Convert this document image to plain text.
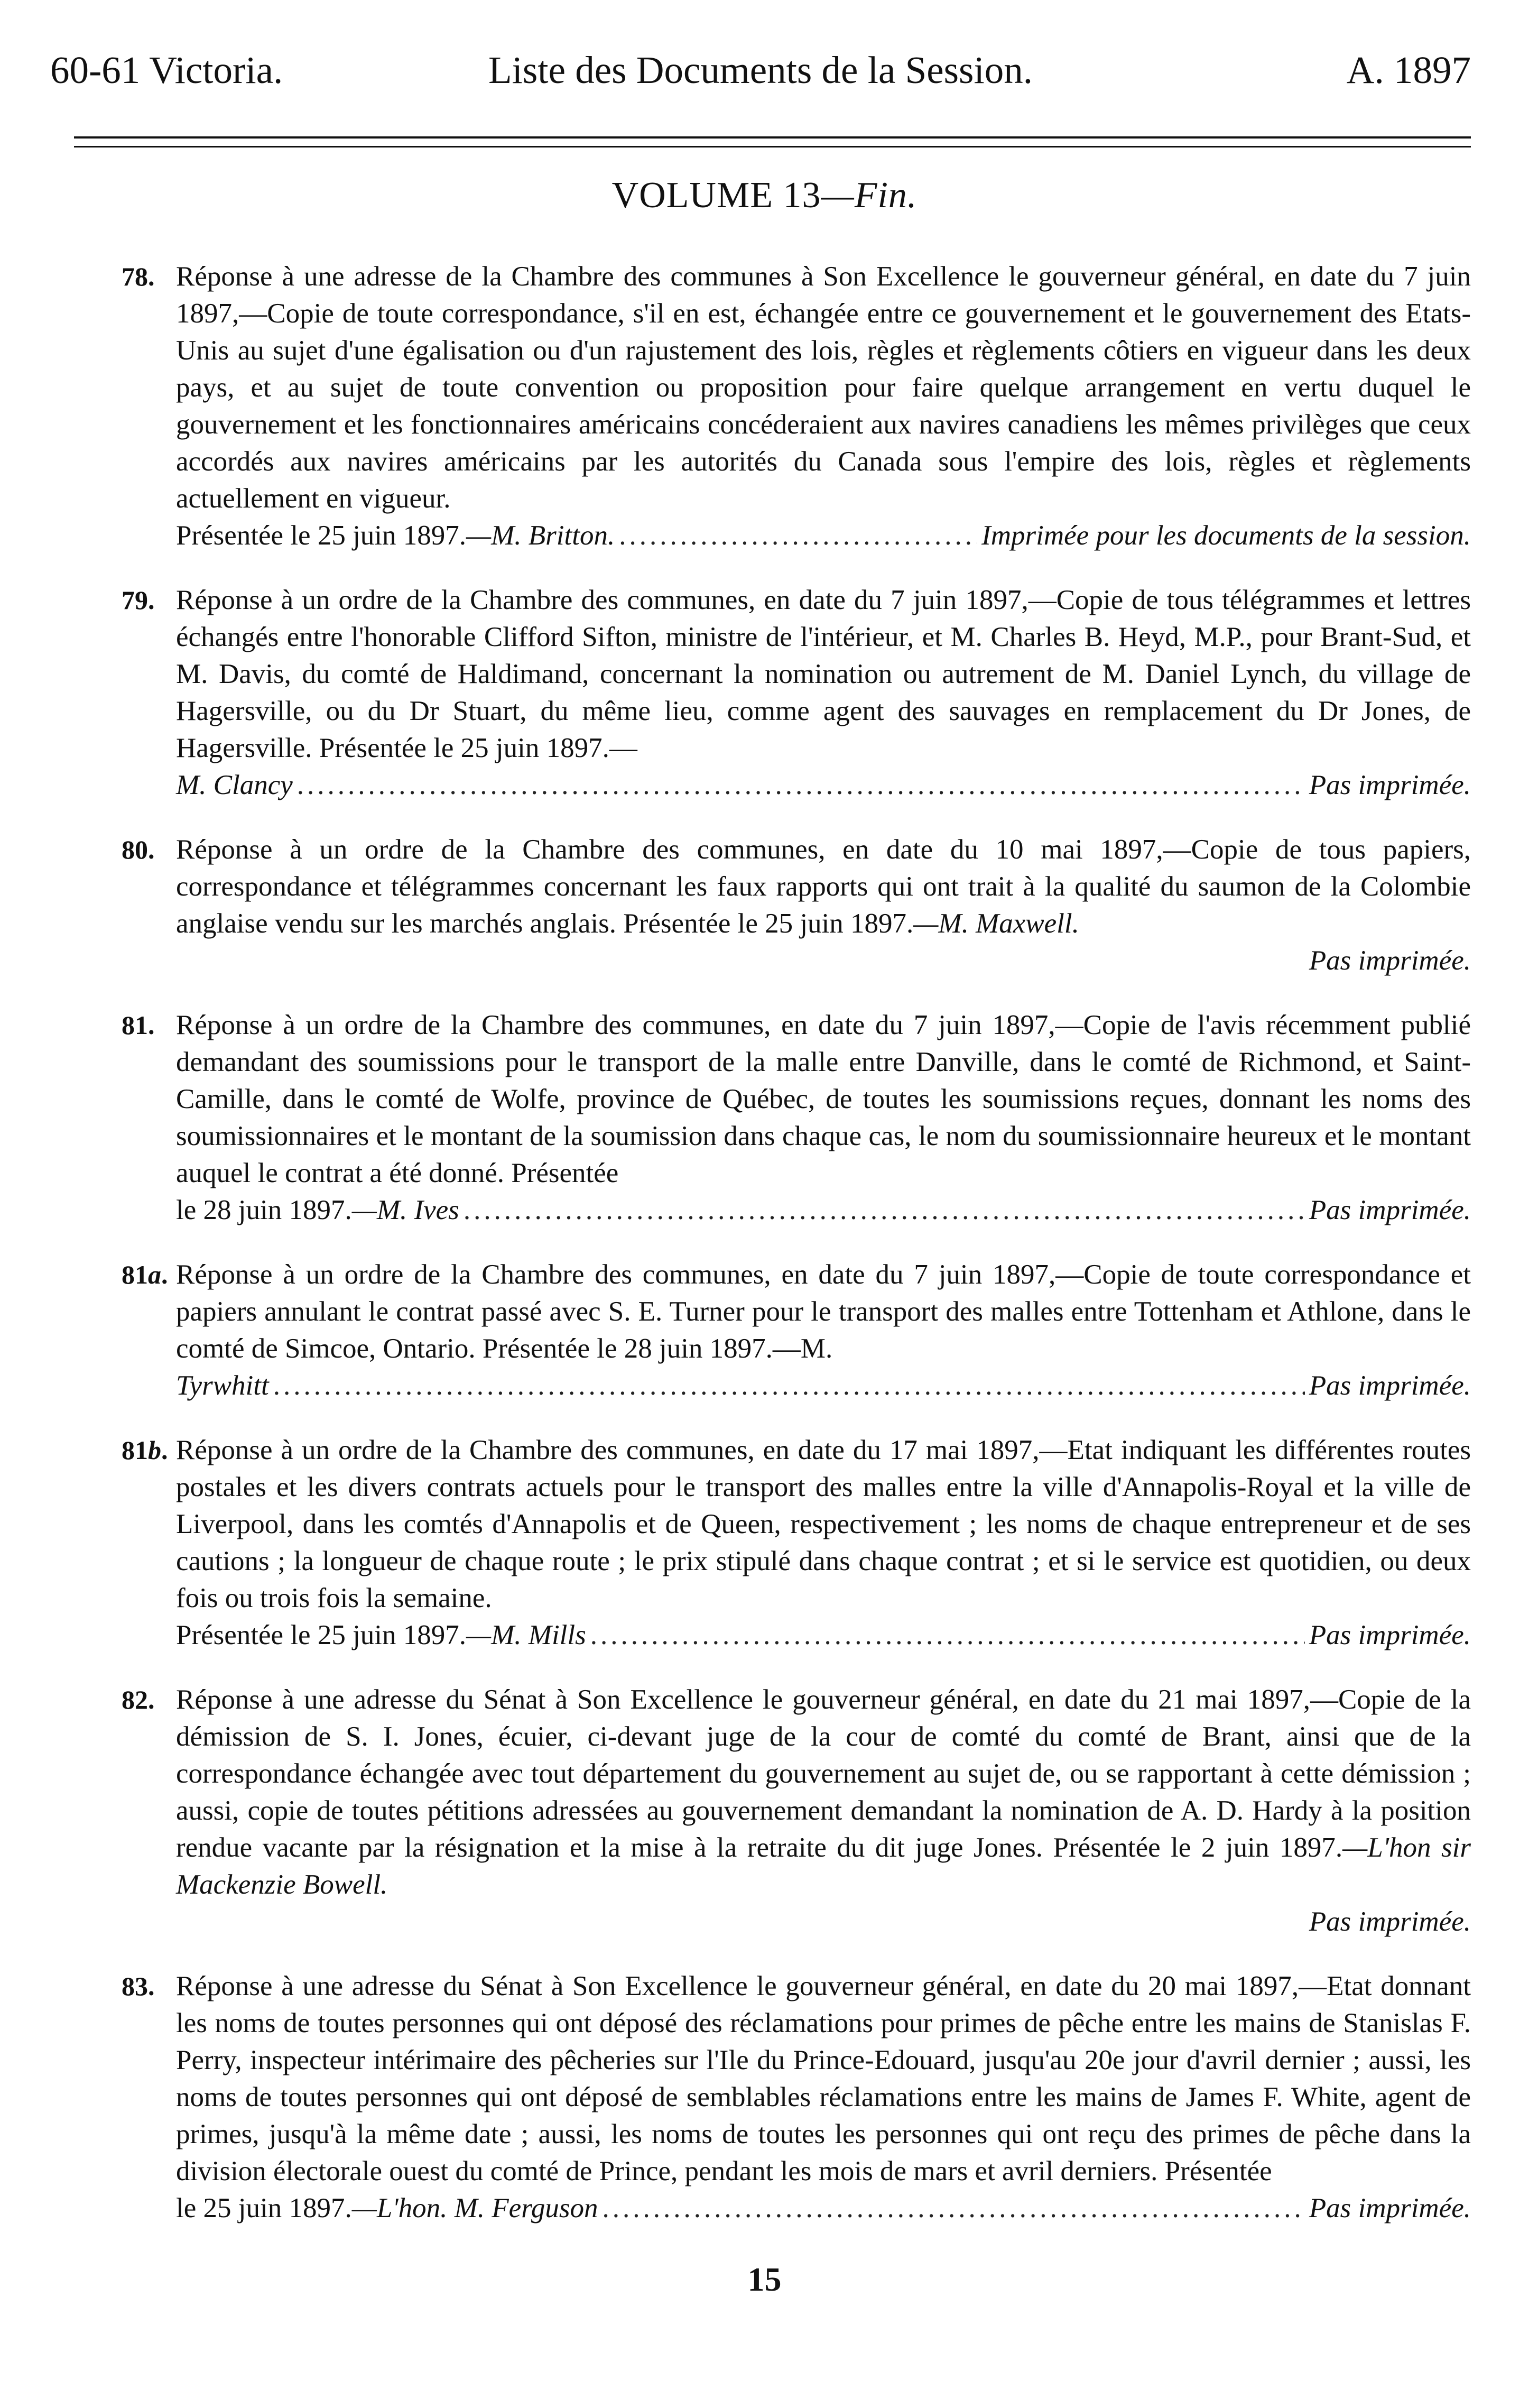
60-61 Victoria.	Liste des Documents de la Session.	A. 1897
VOLUME 13—Fin.
78. Réponse à une adresse de la Chambre des communes à Son Excellence le gouverneur général, en date du 7 juin 1897,—Copie de toute correspondance, s'il en est, échangée entre ce gouvernement et le gouvernement des Etats-Unis au sujet d'une égalisation ou d'un rajustement des lois, règles et règlements côtiers en vigueur dans les deux pays, et au sujet de toute convention ou proposition pour faire quelque arrangement en vertu duquel le gouvernement et les fonctionnaires américains concéderaient aux navires canadiens les mêmes privilèges que ceux accordés aux navires américains par les autorités du Canada sous l'empire des lois, règles et règlements actuellement en vigueur.
Présentée le 25 juin 1897.—M. Britton. .....	Imprimée pour les documents de la session.
79. Réponse à un ordre de la Chambre des communes, en date du 7 juin 1897,—Copie de tous télégrammes et lettres échangés entre l'honorable Clifford Sifton, ministre de l'intérieur, et M. Charles B. Heyd, M.P., pour Brant-Sud, et M. Davis, du comté de Haldimand, concernant la nomination ou autrement de M. Daniel Lynch, du village de Hagersville, ou du Dr Stuart, du même lieu, comme agent des sauvages en remplacement du Dr Jones, de Hagersville. Présentée le 25 juin 1897.—
M. Clancy .....	Pas imprimée.
80. Réponse à un ordre de la Chambre des communes, en date du 10 mai 1897,—Copie de tous papiers, correspondance et télégrammes concernant les faux rapports qui ont trait à la qualité du saumon de la Colombie anglaise vendu sur les marchés anglais. Présentée le 25 juin 1897.—M. Maxwell.
Pas imprimée.
81. Réponse à un ordre de la Chambre des communes, en date du 7 juin 1897,—Copie de l'avis récemment publié demandant des soumissions pour le transport de la malle entre Danville, dans le comté de Richmond, et Saint-Camille, dans le comté de Wolfe, province de Québec, de toutes les soumissions reçues, donnant les noms des soumissionnaires et le montant de la soumission dans chaque cas, le nom du soumissionnaire heureux et le montant auquel le contrat a été donné. Présentée
le 28 juin 1897.—M. Ives .....	Pas imprimée.
81a. Réponse à un ordre de la Chambre des communes, en date du 7 juin 1897,—Copie de toute correspondance et papiers annulant le contrat passé avec S. E. Turner pour le transport des malles entre Tottenham et Athlone, dans le comté de Simcoe, Ontario. Présentée le 28 juin 1897.—M.
Tyrwhitt .....	Pas imprimée.
81b. Réponse à un ordre de la Chambre des communes, en date du 17 mai 1897,—Etat indiquant les différentes routes postales et les divers contrats actuels pour le transport des malles entre la ville d'Annapolis-Royal et la ville de Liverpool, dans les comtés d'Annapolis et de Queen, respectivement ; les noms de chaque entrepreneur et de ses cautions ; la longueur de chaque route ; le prix stipulé dans chaque contrat ; et si le service est quotidien, ou deux fois ou trois fois la semaine.
Présentée le 25 juin 1897.—M. Mills .....	Pas imprimée.
82. Réponse à une adresse du Sénat à Son Excellence le gouverneur général, en date du 21 mai 1897,—Copie de la démission de S. I. Jones, écuier, ci-devant juge de la cour de comté du comté de Brant, ainsi que de la correspondance échangée avec tout département du gouvernement au sujet de, ou se rapportant à cette démission ; aussi, copie de toutes pétitions adressées au gouvernement demandant la nomination de A. D. Hardy à la position rendue vacante par la résignation et la mise à la retraite du dit juge Jones. Présentée le 2 juin 1897.—L'hon sir Mackenzie Bowell.
Pas imprimée.
83. Réponse à une adresse du Sénat à Son Excellence le gouverneur général, en date du 20 mai 1897,—Etat donnant les noms de toutes personnes qui ont déposé des réclamations pour primes de pêche entre les mains de Stanislas F. Perry, inspecteur intérimaire des pêcheries sur l'Ile du Prince-Edouard, jusqu'au 20e jour d'avril dernier ; aussi, les noms de toutes personnes qui ont déposé de semblables réclamations entre les mains de James F. White, agent de primes, jusqu'à la même date ; aussi, les noms de toutes les personnes qui ont reçu des primes de pêche dans la division électorale ouest du comté de Prince, pendant les mois de mars et avril derniers. Présentée
le 25 juin 1897.—L'hon. M. Ferguson .....	Pas imprimée.
15
